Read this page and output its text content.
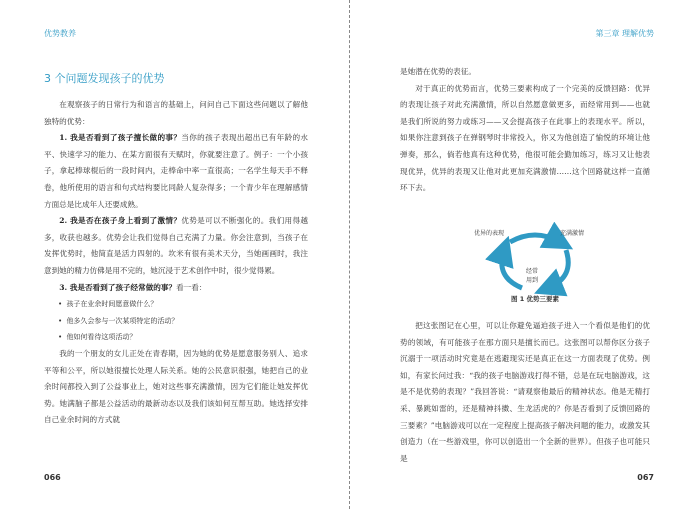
优势教养
3 个问题发现孩子的优势

在观察孩子的日常行为和语言的基础上，问问自己下面这些问题以了解他独特的优势：

1. 我是否看到了孩子擅长做的事？当你的孩子表现出超出已有年龄的水平、快速学习的能力、在某方面很有天赋时，你就要注意了。例子：一个小孩子，拿起棒球棍后的一段时间内，走棒命中率一直很高；一名学生每天手不释卷，他所使用的语言和句式结构要比同龄人复杂得多；一个青少年在理解感情方面总是比成年人还要成熟。

2. 我是否在孩子身上看到了激情？优势是可以不断强化的。我们用得越多，收获也越多。优势会让我们觉得自己充满了力量。你会注意到，当孩子在发挥优势时，他简直是活力四射的。坎米有很有美术天分，当她画画时，我注意到她的精力仿佛是用不完的，她沉浸于艺术创作中时，很少觉得累。

3. 我是否看到了孩子经常做的事？看一看：

• 孩子在业余时间愿意做什么？
• 他多久会参与一次某项特定的活动？
• 他如何看待这项活动？

我的一个朋友的女儿正处在青春期，因为她的优势是愿意服务别人、追求平等和公平，所以她很擅长处理人际关系。她的公民意识很强，她把自己的业余时间都投入到了公益事业上，她对这些事充满激情，因为它们能让她发挥优势。她满脑子都是公益活动的最新动态以及我们该如何互帮互助。她选择安排自己业余时间的方式就

066
第三章 理解优势

是她潜在优势的表征。

对于真正的优势而言，优势三要素构成了一个完美的反馈回路：优异的表现让孩子对此充满激情，所以自然愿意做更多，而经常用到——也就是我们所说的努力或练习——又会提高孩子在此事上的表现水平。所以，如果你注意到孩子在弹钢琴时非常投入，你又为他创造了愉悦的环境让他弹奏，那么，倘若他真有这种优势，他很可能会勤加练习，练习又让他表现优异，优异的表现又让他对此更加充满激情……这个回路就这样一直循环下去。

优异的表现	充满激情
经常
用到
图 1 优势三要素

把这张图记在心里，可以让你避免逼迫孩子进入一个看似是他们的优势的领域，有可能孩子在那方面只是擅长而已。这张图可以帮你区分孩子沉溺于一项活动时究竟是在逃避现实还是真正在这一方面表现了优势。例如，有家长问过我：“我的孩子电脑游戏打得不错，总是在玩电脑游戏，这是不是优势的表现？”我回答说：“请观察他最后的精神状态。他是无精打采、暴跳如雷的，还是精神抖擞、生龙活虎的？你是否看到了反馈回路的三要素？”电脑游戏可以在一定程度上提高孩子解决问题的能力，或激发其创造力（在一些游戏里，你可以创造出一个全新的世界）。但孩子也可能只是

067
